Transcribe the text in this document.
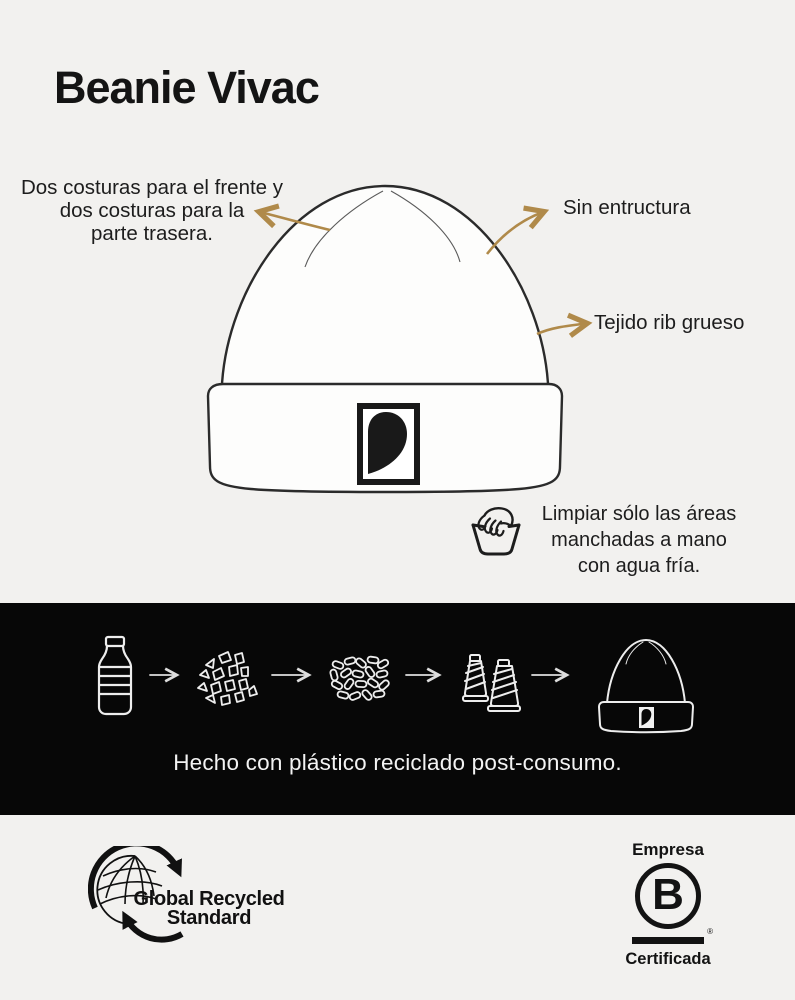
Beanie Vivac
Dos costuras para el frente y
dos costuras para la
parte trasera.
Sin entructura
Tejido rib grueso
Limpiar sólo las áreas
manchadas a mano
con agua fría.
Hecho con plástico reciclado post-consumo.
Global Recycled
Standard
Empresa
B
®
Certificada
